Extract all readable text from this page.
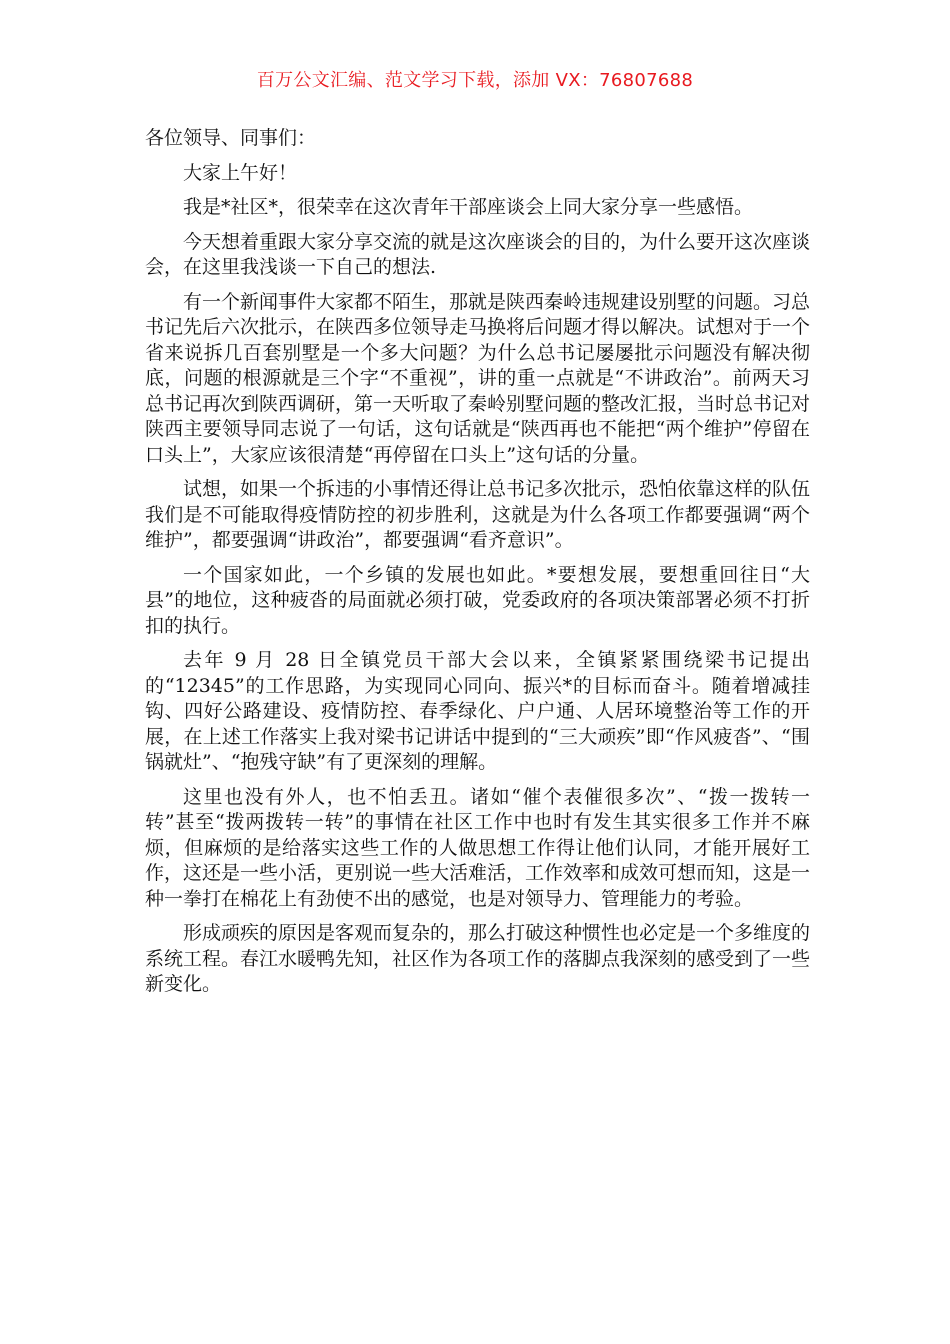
百万公文汇编、范文学习下载，添加 VX：76807688

各位领导、同事们：

大家上午好！

我是*社区*，很荣幸在这次青年干部座谈会上同大家分享一些感悟。

今天想着重跟大家分享交流的就是这次座谈会的目的，为什么要开这次座谈会，在这里我浅谈一下自己的想法.

有一个新闻事件大家都不陌生，那就是陕西秦岭违规建设别墅的问题。习总书记先后六次批示，在陕西多位领导走马换将后问题才得以解决。试想对于一个省来说拆几百套别墅是一个多大问题？为什么总书记屡屡批示问题没有解决彻底，问题的根源就是三个字“不重视”，讲的重一点就是“不讲政治”。前两天习总书记再次到陕西调研，第一天听取了秦岭别墅问题的整改汇报，当时总书记对陕西主要领导同志说了一句话，这句话就是“陕西再也不能把“两个维护”停留在口头上”，大家应该很清楚“再停留在口头上”这句话的分量。

试想，如果一个拆违的小事情还得让总书记多次批示，恐怕依靠这样的队伍我们是不可能取得疫情防控的初步胜利，这就是为什么各项工作都要强调“两个维护”，都要强调“讲政治”，都要强调“看齐意识”。

一个国家如此，一个乡镇的发展也如此。*要想发展，要想重回往日“大县”的地位，这种疲沓的局面就必须打破，党委政府的各项决策部署必须不打折扣的执行。

去年 9 月 28 日全镇党员干部大会以来，全镇紧紧围绕梁书记提出的“12345”的工作思路，为实现同心同向、振兴*的目标而奋斗。随着增减挂钩、四好公路建设、疫情防控、春季绿化、户户通、人居环境整治等工作的开展，在上述工作落实上我对梁书记讲话中提到的“三大顽疾”即“作风疲沓”、“围锅就灶”、“抱残守缺”有了更深刻的理解。

这里也没有外人，也不怕丢丑。诸如“催个表催很多次”、“拨一拨转一转”甚至“拨两拨转一转”的事情在社区工作中也时有发生其实很多工作并不麻烦，但麻烦的是给落实这些工作的人做思想工作得让他们认同，才能开展好工作，这还是一些小活，更别说一些大活难活，工作效率和成效可想而知，这是一种一拳打在棉花上有劲使不出的感觉，也是对领导力、管理能力的考验。

形成顽疾的原因是客观而复杂的，那么打破这种惯性也必定是一个多维度的系统工程。春江水暖鸭先知，社区作为各项工作的落脚点我深刻的感受到了一些新变化。
